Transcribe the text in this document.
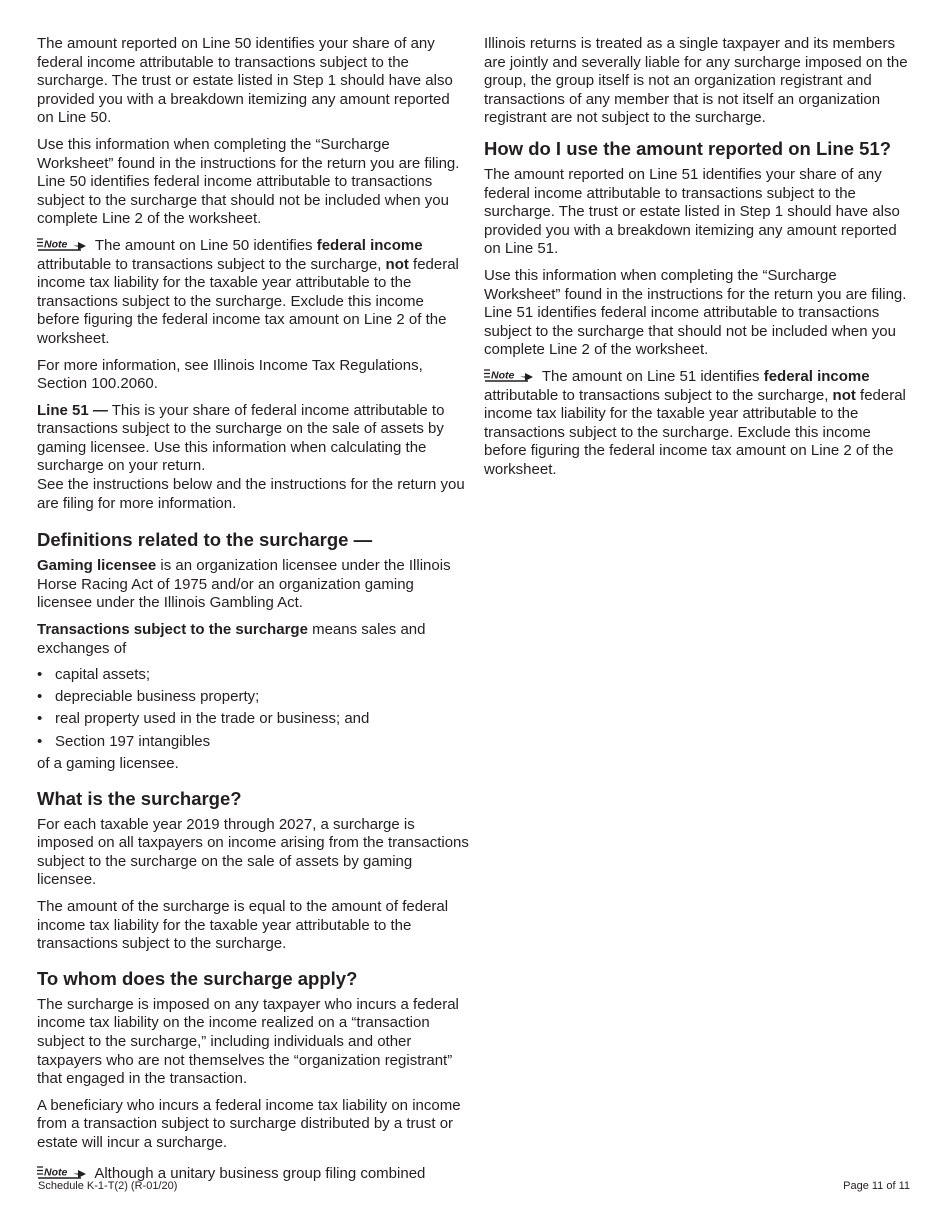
The amount reported on Line 50 identifies your share of any federal income attributable to transactions subject to the surcharge. The trust or estate listed in Step 1 should have also provided you with a breakdown itemizing any amount reported on Line 50.

Use this information when completing the “Surcharge Worksheet” found in the instructions for the return you are filing. Line 50 identifies federal income attributable to transactions subject to the surcharge that should not be included when you complete Line 2 of the worksheet.

Note The amount on Line 50 identifies federal income attributable to transactions subject to the surcharge, not federal income tax liability for the taxable year attributable to the transactions subject to the surcharge. Exclude this income before figuring the federal income tax amount on Line 2 of the worksheet.

For more information, see Illinois Income Tax Regulations, Section 100.2060.

Line 51 — This is your share of federal income attributable to transactions subject to the surcharge on the sale of assets by gaming licensee. Use this information when calculating the surcharge on your return.

See the instructions below and the instructions for the return you are filing for more information.

Definitions related to the surcharge —

Gaming licensee is an organization licensee under the Illinois Horse Racing Act of 1975 and/or an organization gaming licensee under the Illinois Gambling Act.

Transactions subject to the surcharge means sales and exchanges of

• capital assets;
• depreciable business property;
• real property used in the trade or business; and
• Section 197 intangibles

of a gaming licensee.

What is the surcharge?

For each taxable year 2019 through 2027, a surcharge is imposed on all taxpayers on income arising from the transactions subject to the surcharge on the sale of assets by gaming licensee.

The amount of the surcharge is equal to the amount of federal income tax liability for the taxable year attributable to the transactions subject to the surcharge.

To whom does the surcharge apply?

The surcharge is imposed on any taxpayer who incurs a federal income tax liability on the income realized on a “transaction subject to the surcharge,” including individuals and other taxpayers who are not themselves the “organization registrant” that engaged in the transaction.

A beneficiary who incurs a federal income tax liability on income from a transaction subject to surcharge distributed by a trust or estate will incur a surcharge.

Note Although a unitary business group filing combined

Illinois returns is treated as a single taxpayer and its members are jointly and severally liable for any surcharge imposed on the group, the group itself is not an organization registrant and transactions of any member that is not itself an organization registrant are not subject to the surcharge.

How do I use the amount reported on Line 51?

The amount reported on Line 51 identifies your share of any federal income attributable to transactions subject to the surcharge. The trust or estate listed in Step 1 should have also provided you with a breakdown itemizing any amount reported on Line 51.

Use this information when completing the “Surcharge Worksheet” found in the instructions for the return you are filing. Line 51 identifies federal income attributable to transactions subject to the surcharge that should not be included when you complete Line 2 of the worksheet.

Note The amount on Line 51 identifies federal income attributable to transactions subject to the surcharge, not federal income tax liability for the taxable year attributable to the transactions subject to the surcharge. Exclude this income before figuring the federal income tax amount on Line 2 of the worksheet.

Schedule K-1-T(2) (R-01/20)	Page 11 of 11
